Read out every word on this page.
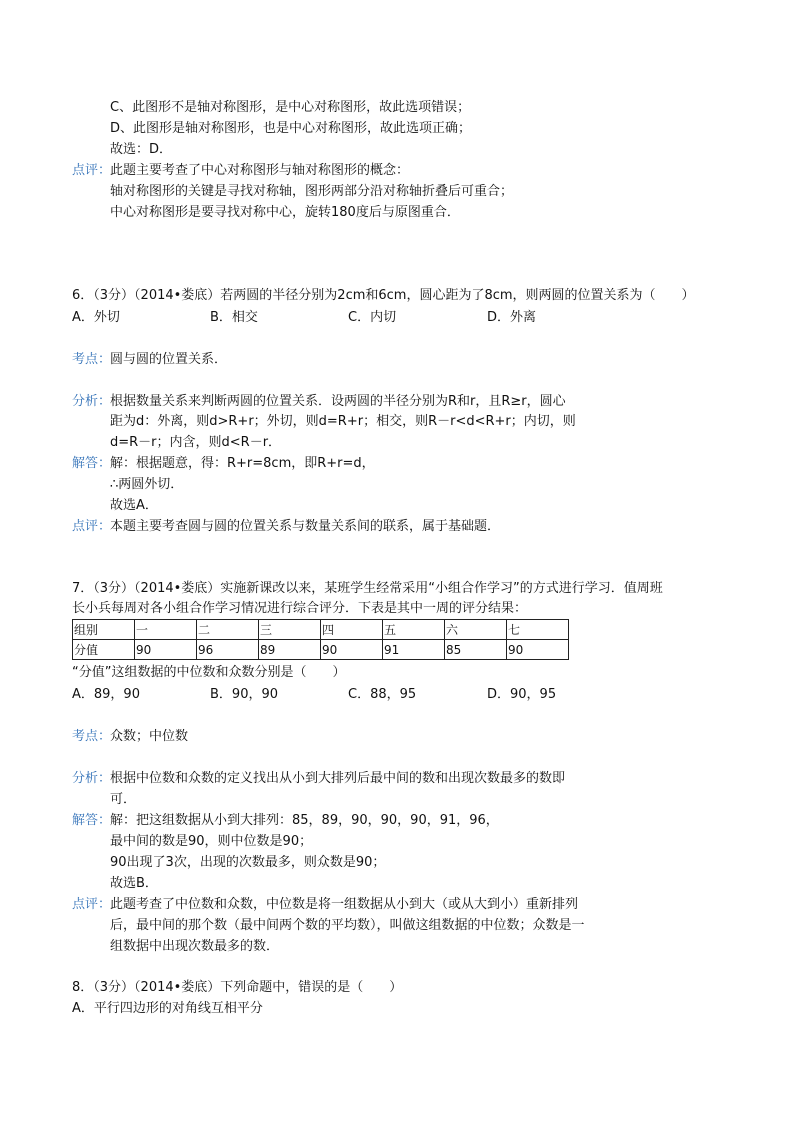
C、此图形不是轴对称图形，是中心对称图形，故此选项错误；
D、此图形是轴对称图形，也是中心对称图形，故此选项正确；
故选：D．
点评：
此题主要考查了中心对称图形与轴对称图形的概念：
轴对称图形的关键是寻找对称轴，图形两部分沿对称轴折叠后可重合；
中心对称图形是要寻找对称中心，旋转180度后与原图重合．
6．（3分）（2014•娄底）若两圆的半径分别为2cm和6cm，圆心距为了8cm，则两圆的位置关系为（　　）
A．外切	B．相交	C．内切	D．外离
考点：
圆与圆的位置关系．
分析：
根据数量关系来判断两圆的位置关系．设两圆的半径分别为R和r，且R≥r，圆心
距为d：外离，则d>R+r；外切，则d=R+r；相交，则R－r<d<R+r；内切，则
d=R－r；内含，则d<R－r．
解答：
解：根据题意，得：R+r=8cm，即R+r=d，
∴两圆外切．
故选A．
点评：
本题主要考查圆与圆的位置关系与数量关系间的联系，属于基础题．
7．（3分）（2014•娄底）实施新课改以来，某班学生经常采用“小组合作学习”的方式进行学习．值周班
长小兵每周对各小组合作学习情况进行综合评分．下表是其中一周的评分结果：
组别	一	二	三	四	五	六	七
分值	90	96	89	90	91	85	90
“分值”这组数据的中位数和众数分别是（　　）
A．89，90	B．90，90	C．88，95	D．90，95
考点：
众数；中位数
分析：
根据中位数和众数的定义找出从小到大排列后最中间的数和出现次数最多的数即
可．
解答：
解：把这组数据从小到大排列：85，89，90，90，90，91，96，
最中间的数是90，则中位数是90；
90出现了3次，出现的次数最多，则众数是90；
故选B．
点评：
此题考查了中位数和众数，中位数是将一组数据从小到大（或从大到小）重新排列
后，最中间的那个数（最中间两个数的平均数），叫做这组数据的中位数；众数是一
组数据中出现次数最多的数．
8．（3分）（2014•娄底）下列命题中，错误的是（　　）
A．平行四边形的对角线互相平分
